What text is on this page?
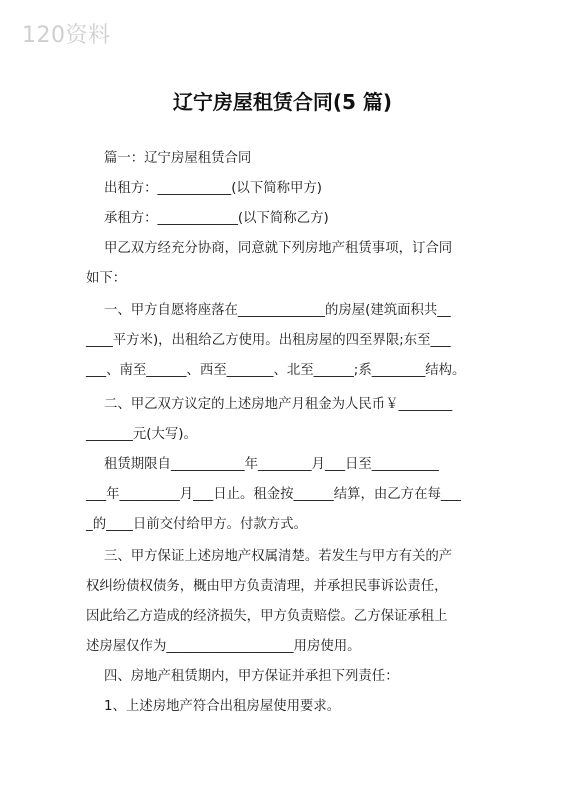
120资料
辽宁房屋租赁合同(5 篇)
篇一：辽宁房屋租赁合同
出租方：___________(以下简称甲方)
承租方：____________(以下简称乙方)
甲乙双方经充分协商，同意就下列房地产租赁事项，订合同
如下：
一、甲方自愿将座落在_____________的房屋(建筑面积共__
____平方米)，出租给乙方使用。出租房屋的四至界限;东至___
___、南至______、西至_______、北至______;系________结构。
二、甲乙双方议定的上述房地产月租金为人民币￥________
_______元(大写)。
租赁期限自___________年________月___日至__________
___年_________月___日止。租金按______结算，由乙方在每___
_的____日前交付给甲方。付款方式。
三、甲方保证上述房地产权属清楚。若发生与甲方有关的产
权纠纷债权债务，概由甲方负责清理，并承担民事诉讼责任，
因此给乙方造成的经济损失，甲方负责赔偿。乙方保证承租上
述房屋仅作为___________________用房使用。
四、房地产租赁期内，甲方保证并承担下列责任：
1、上述房地产符合出租房屋使用要求。
